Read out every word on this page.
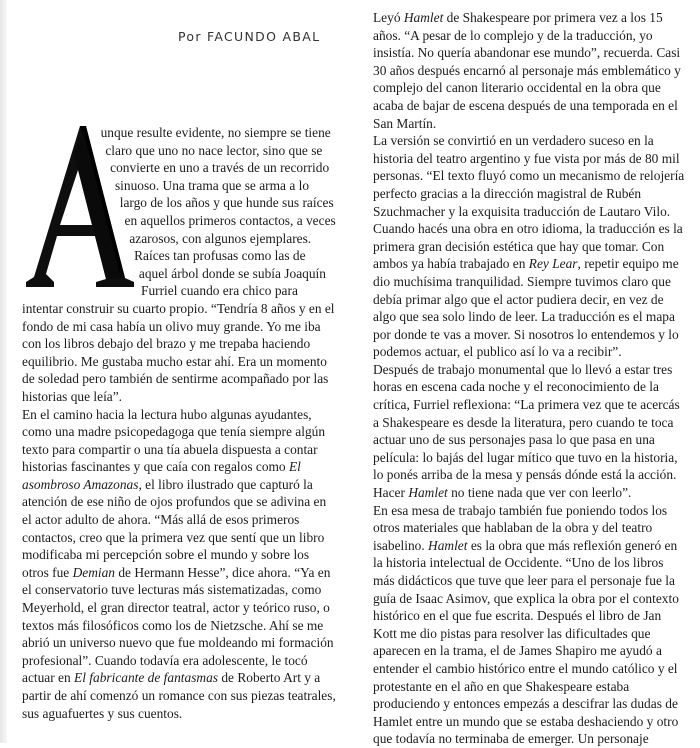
Por FACUNDO ABAL

unque resulte evidente, no siempre se tiene claro que uno no nace lector, sino que se convierte en uno a través de un recorrido sinuoso. Una trama que se arma a lo largo de los años y que hunde sus raíces en aquellos primeros contactos, a veces azarosos, con algunos ejemplares. Raíces tan profusas como las de aquel árbol donde se subía Joaquín Furriel cuando era chico para intentar construir su cuarto propio. “Tendría 8 años y en el fondo de mi casa había un olivo muy grande. Yo me iba con los libros debajo del brazo y me trepaba haciendo equilibrio. Me gustaba mucho estar ahí. Era un momento de soledad pero también de sentirme acompañado por las historias que leía”.

En el camino hacia la lectura hubo algunas ayudantes, como una madre psicopedagoga que tenía siempre algún texto para compartir o una tía abuela dispuesta a contar historias fascinantes y que caía con regalos como El asombroso Amazonas, el libro ilustrado que capturó la atención de ese niño de ojos profundos que se adivina en el actor adulto de ahora. “Más allá de esos primeros contactos, creo que la primera vez que sentí que un libro modificaba mi percepción sobre el mundo y sobre los otros fue Demian de Hermann Hesse”, dice ahora. “Ya en el conservatorio tuve lecturas más sistematizadas, como Meyerhold, el gran director teatral, actor y teórico ruso, o textos más filosóficos como los de Nietzsche. Ahí se me abrió un universo nuevo que fue moldeando mi formación profesional”. Cuando todavía era adolescente, le tocó actuar en El fabricante de fantasmas de Roberto Art y a partir de ahí comenzó un romance con sus piezas teatrales, sus aguafuertes y sus cuentos.

Leyó Hamlet de Shakespeare por primera vez a los 15 años. “A pesar de lo complejo y de la traducción, yo insistía. No quería abandonar ese mundo”, recuerda. Casi 30 años después encarnó al personaje más emblemático y complejo del canon literario occidental en la obra que acaba de bajar de escena después de una temporada en el San Martín.

La versión se convirtió en un verdadero suceso en la historia del teatro argentino y fue vista por más de 80 mil personas. “El texto fluyó como un mecanismo de relojería perfecto gracias a la dirección magistral de Rubén Szuchmacher y la exquisita traducción de Lautaro Vilo. Cuando hacés una obra en otro idioma, la traducción es la primera gran decisión estética que hay que tomar. Con ambos ya había trabajado en Rey Lear, repetir equipo me dio muchísima tranquilidad. Siempre tuvimos claro que debía primar algo que el actor pudiera decir, en vez de algo que sea solo lindo de leer. La traducción es el mapa por donde te vas a mover. Si nosotros lo entendemos y lo podemos actuar, el publico así lo va a recibir”.

Después de trabajo monumental que lo llevó a estar tres horas en escena cada noche y el reconocimiento de la crítica, Furriel reflexiona: “La primera vez que te acercás a Shakespeare es desde la literatura, pero cuando te toca actuar uno de sus personajes pasa lo que pasa en una película: lo bajás del lugar mítico que tuvo en la historia, lo ponés arriba de la mesa y pensás dónde está la acción. Hacer Hamlet no tiene nada que ver con leerlo”.

En esa mesa de trabajo también fue poniendo todos los otros materiales que hablaban de la obra y del teatro isabelino. Hamlet es la obra que más reflexión generó en la historia intelectual de Occidente. “Uno de los libros más didácticos que tuve que leer para el personaje fue la guía de Isaac Asimov, que explica la obra por el contexto histórico en el que fue escrita. Después el libro de Jan Kott me dio pistas para resolver las dificultades que aparecen en la trama, el de James Shapiro me ayudó a entender el cambio histórico entre el mundo católico y el protestante en el año en que Shakespeare estaba produciendo y entonces empezás a descifrar las dudas de Hamlet entre un mundo que se estaba deshaciendo y otro que todavía no terminaba de emerger. Un personaje
